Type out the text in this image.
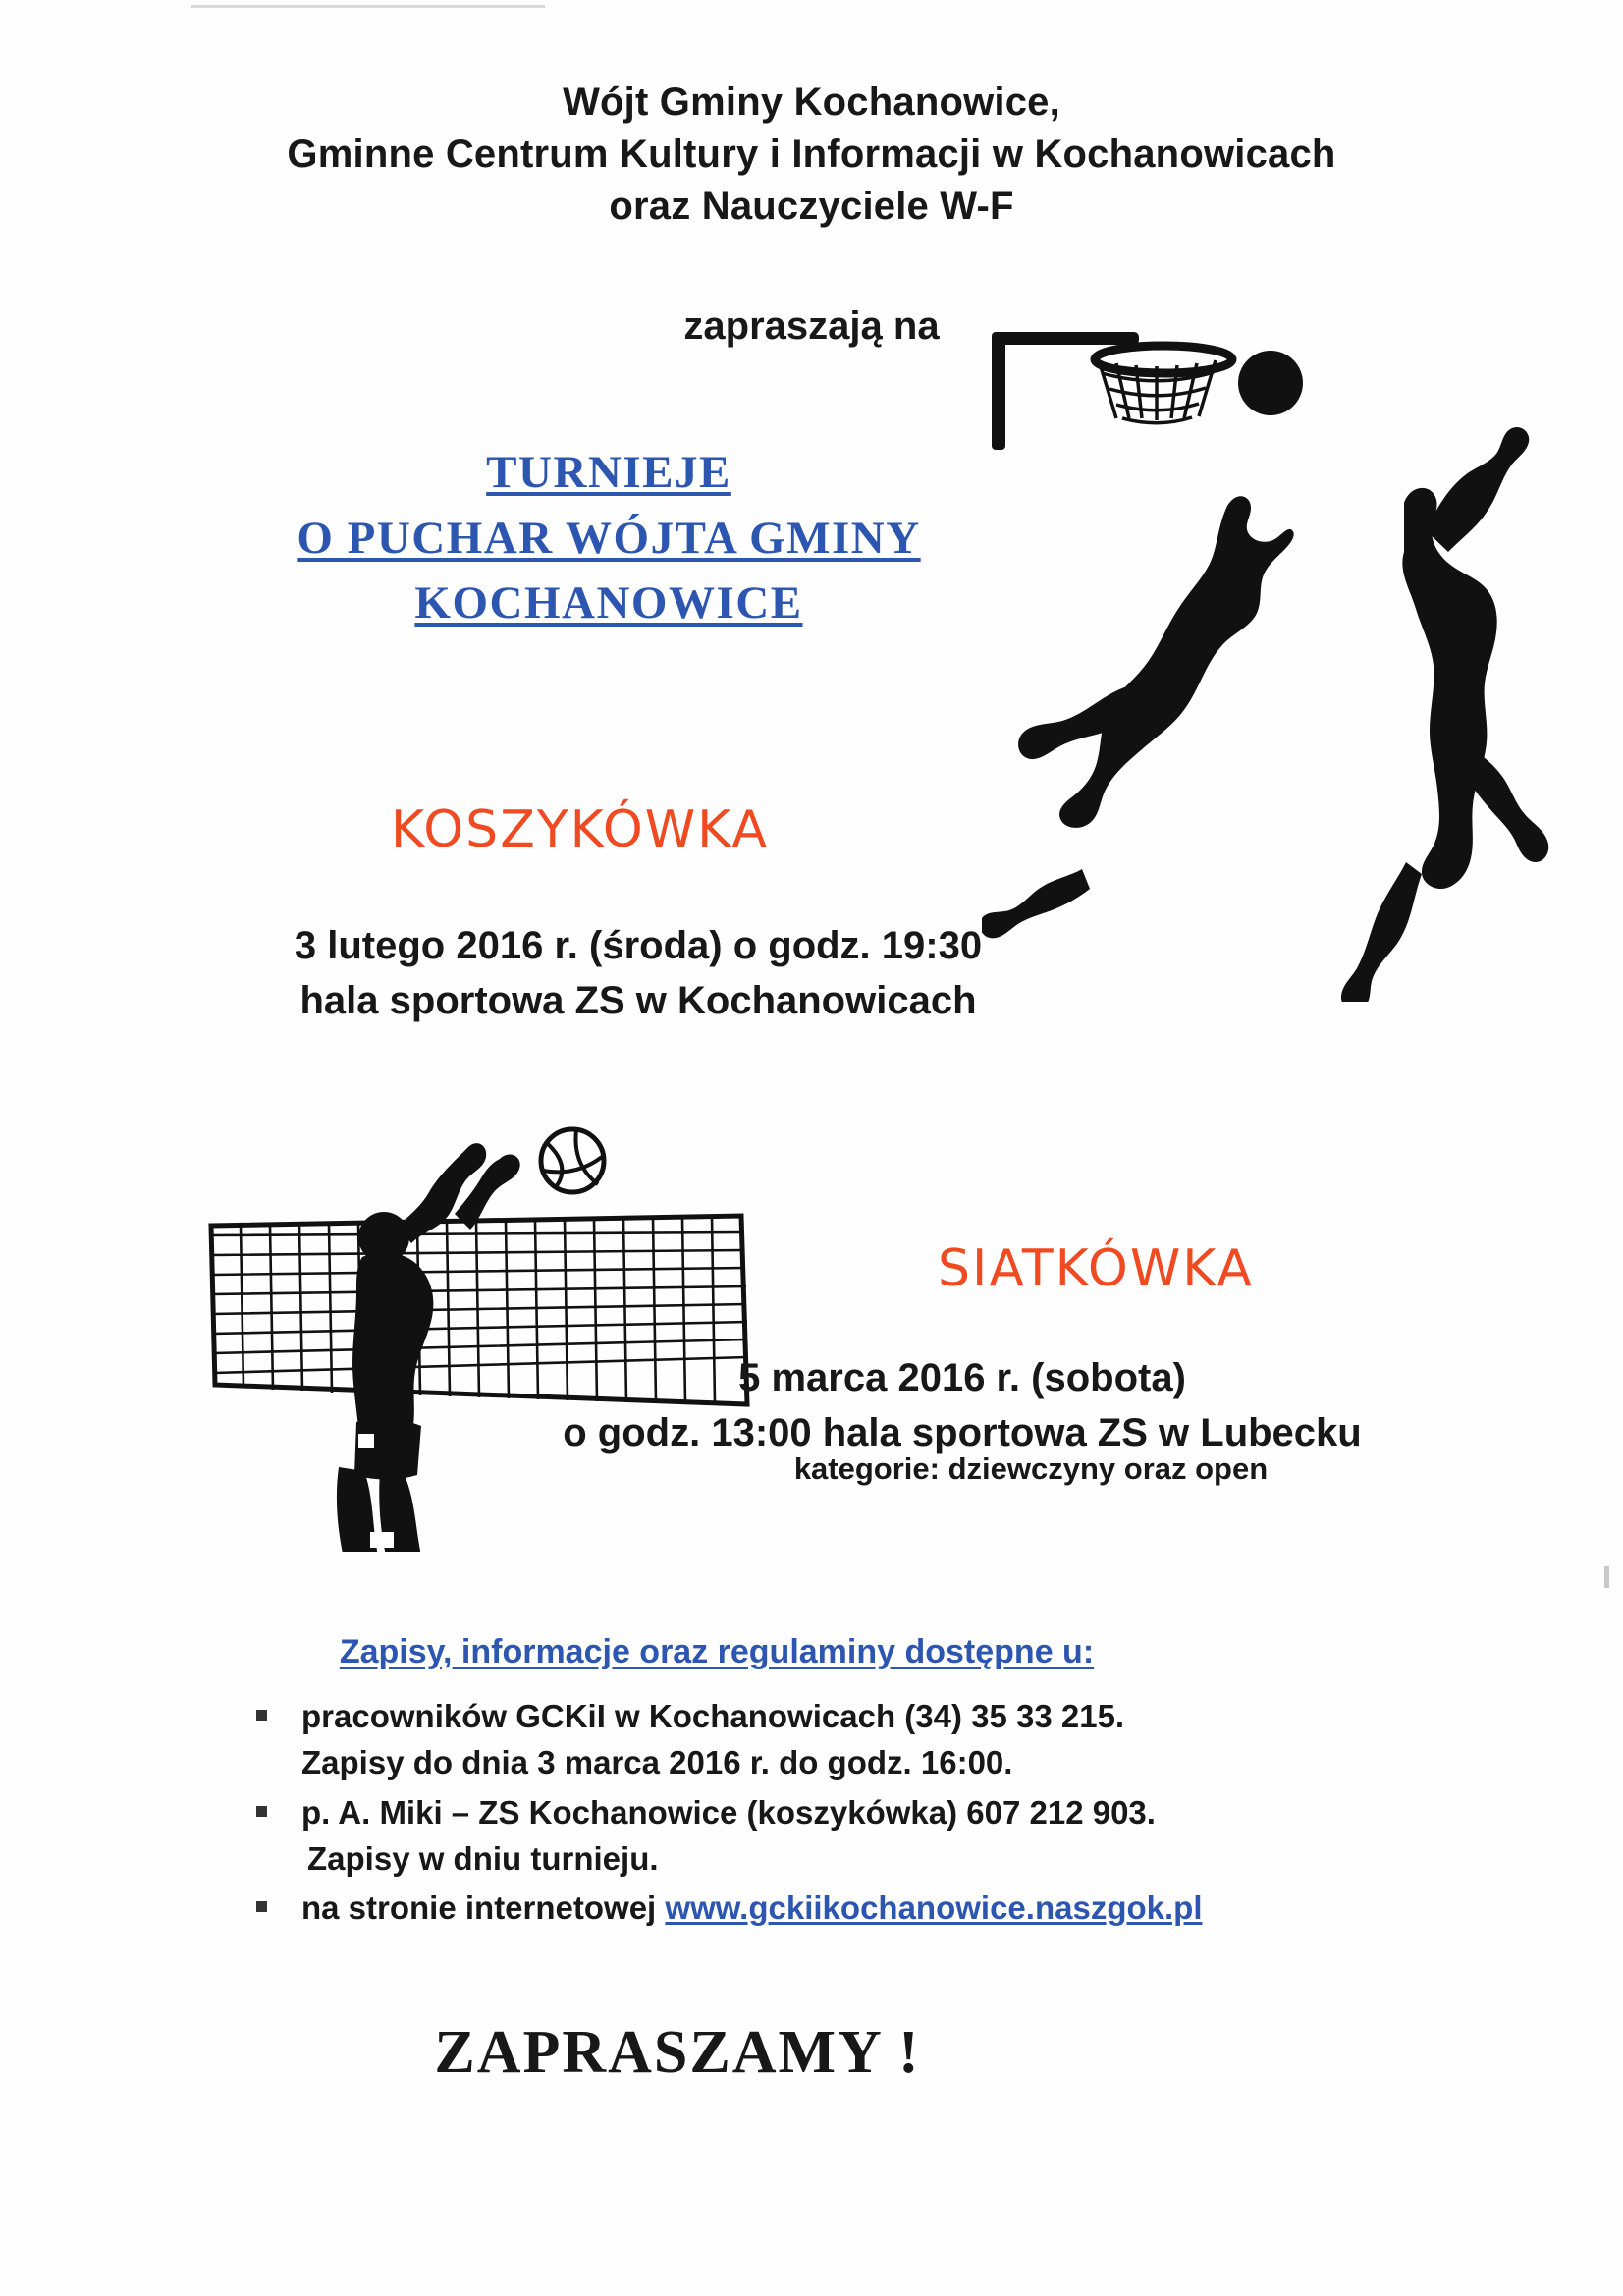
Wójt Gminy Kochanowice,
Gminne Centrum Kultury i Informacji w Kochanowicach
oraz Nauczyciele W-F
zapraszają na
TURNIEJE
O PUCHAR WÓJTA GMINY
KOCHANOWICE
KOSZYKÓWKA
3 lutego 2016 r. (środa) o godz. 19:30
hala sportowa ZS w Kochanowicach
SIATKÓWKA
5 marca 2016 r. (sobota)
o godz. 13:00 hala sportowa ZS w Lubecku
kategorie: dziewczyny oraz open
Zapisy, informacje oraz regulaminy dostępne u:
pracowników GCKiI w Kochanowicach (34) 35 33 215.
Zapisy do dnia 3 marca 2016 r. do godz. 16:00.
p. A. Miki – ZS Kochanowice (koszykówka) 607 212 903.
Zapisy w dniu turnieju.
na stronie internetowej www.gckiikochanowice.naszgok.pl
ZAPRASZAMY !
